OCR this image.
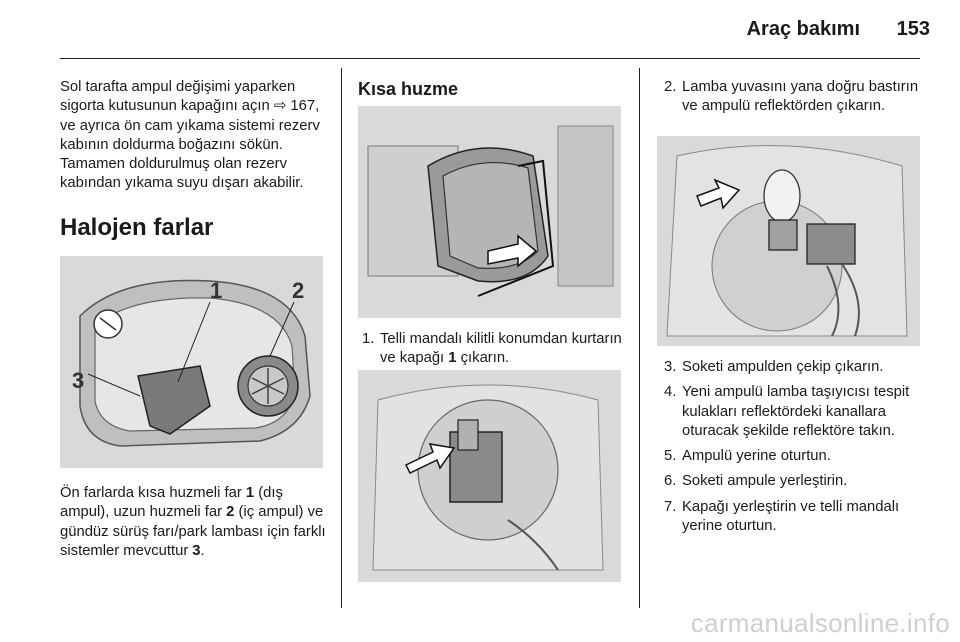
Araç bakımı	153

Sol tarafta ampul değişimi yaparken sigorta kutusunun kapağını açın ⇨ 167, ve ayrıca ön cam yıkama sistemi rezerv kabının doldurma boğazını sökün. Tamamen doldurulmuş olan rezerv kabından yıkama suyu dışarı akabilir.

Halojen farlar
1	2
3

Ön farlarda kısa huzmeli far 1 (dış ampul), uzun huzmeli far 2 (iç ampul) ve gündüz sürüş farı/park lambası için farklı sistemler mevcuttur 3.

Kısa huzme
1. Telli mandalı kilitli konumdan kurtarın ve kapağı 1 çıkarın.
2. Lamba yuvasını yana doğru bastırın ve ampulü reflektörden çıkarın.
3. Soketi ampulden çekip çıkarın.
4. Yeni ampulü lamba taşıyıcısı tespit kulakları reflektördeki kanallara oturacak şekilde reflektöre takın.
5. Ampulü yerine oturtun.
6. Soketi ampule yerleştirin.
7. Kapağı yerleştirin ve telli mandalı yerine oturtun.
carmanualsonline.info
